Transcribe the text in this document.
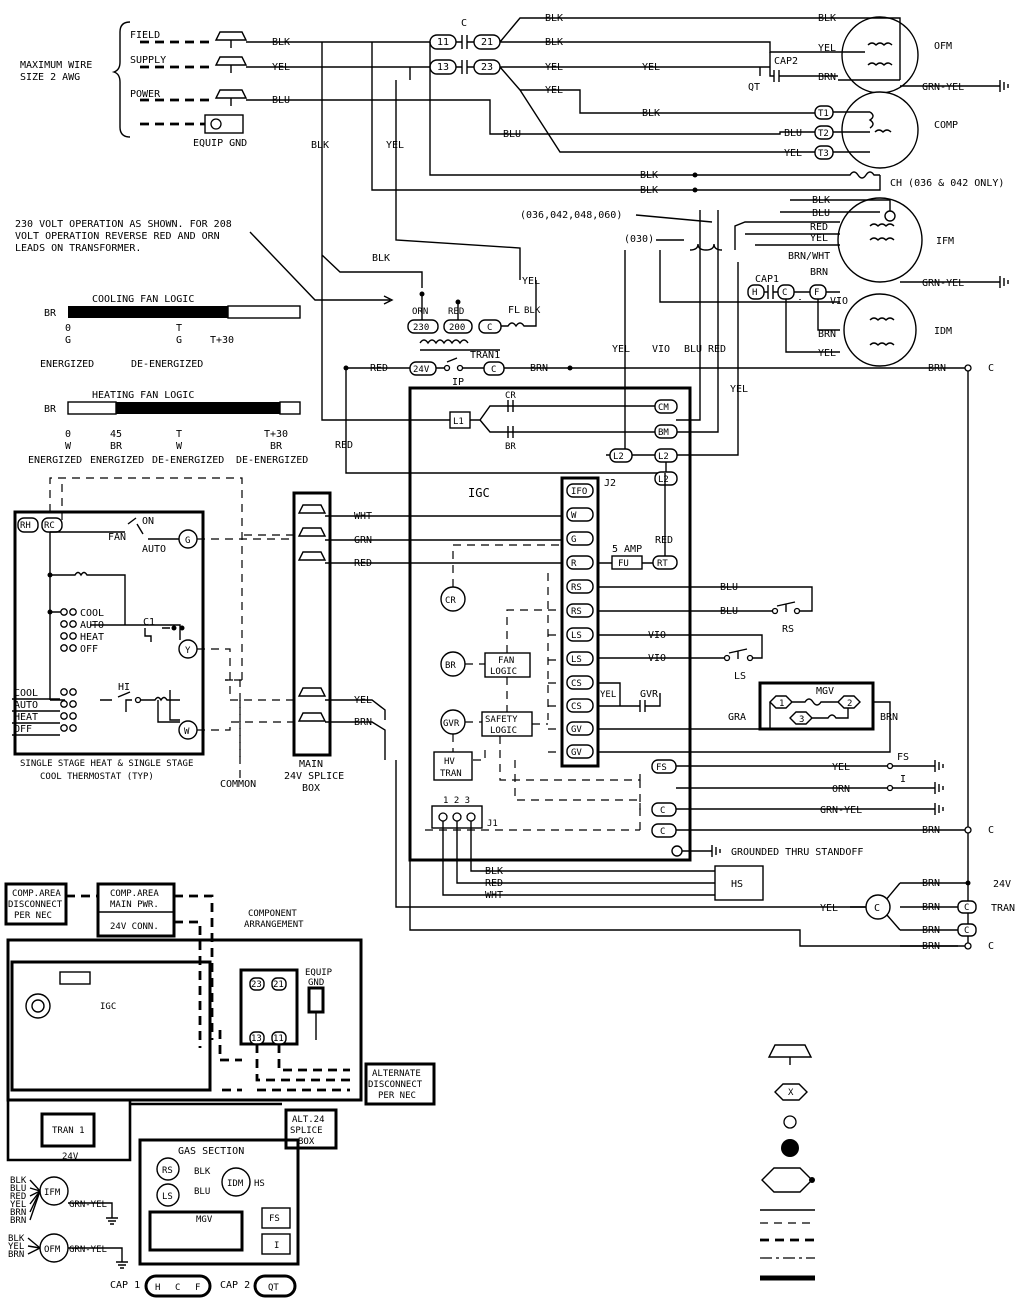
MAXIMUM WIRE
SIZE 2 AWG
FIELD
SUPPLY
POWER
EQUIP GND
BLK
YEL
BLU
C
11
13
21
23
BLK
BLK
YEL
YEL
YEL
BLK
YEL
BRN
CAP2
QT
OFM
GRN-YEL
COMP
T1
T2
T3
BLK
BLU	BLU
YEL
BLK
BLK
CH (036 & 042 ONLY)
BLK
BLK
YEL
YEL
230 VOLT OPERATION AS SHOWN. FOR 208
VOLT OPERATION REVERSE RED AND ORN
LEADS ON TRANSFORMER.
ORN RED
230 200 C
FL BLK
TRAN1
24V	C
IP
RED
RED
BRN
COOLING FAN LOGIC
BR
0
G
ENERGIZED
T
G
DE-ENERGIZED
T+30
HEATING FAN LOGIC
BR
0
W
ENERGIZED
45
BR
ENERGIZED
T
W
DE-ENERGIZED
T+30
BR
DE-ENERGIZED
(036,042,048,060)
(030)	IFM
BLK
BLU
RED
YEL
BRN/WHT
BRN
GRN-YEL
CAP1
H	C	F
IDM
VIO
BRN
YEL
YEL VIO BLU RED
YEL
C
BRN
C
BRN
24V
BRN
C TRAN
BRN
C
BRN
C
BRN
C
YEL
IGC
L1
CR
BR
CM
BM
L2
L2
L2
J2
IFO
W
G
R
RS
RS
LS
LS
CS
CS
GV
GV
CR
BR
GVR
FAN
LOGIC
SAFETY
LOGIC
HV
TRAN
1 2 3
J1
HS
BLK
RED
WHT
FS
C
C
GROUNDED THRU STANDOFF
FS
I
YEL
ORN
GRN-YEL
5 AMP
FU	RT
RED
RS
LS
BLU
BLU
VIO
VIO
YEL GVR	MGV
1	2
3
GRA	BRN
RH RC
G
Y
W
ON
FAN
AUTO
COOL
AUTO
HEAT
OFF
COOL
AUTO
HEAT
OFF
C1
HI
SINGLE STAGE HEAT & SINGLE STAGE
COOL THERMOSTAT (TYP)
COMMON
MAIN
24V SPLICE
BOX
WHT
GRN
RED
YEL
BRN
COMP.AREA
DISCONNECT
PER NEC
COMP.AREA
MAIN PWR.
24V CONN.
COMPONENT
ARRANGEMENT
IGC
23 21
13 11
EQUIP
GND
ALTERNATE
DISCONNECT
PER NEC
ALT.24
SPLICE
BOX
TRAN 1
24V	GAS SECTION
RS
LS
IDM HS
BLK
BLU
MGV	FS
I
IFM
OFM
BLK
BLU
RED
YEL
BRN
BRN
BLK
YEL
BRN
GRN-YEL
GRN-YEL
CAP 1 H C F CAP 2 QT
X
